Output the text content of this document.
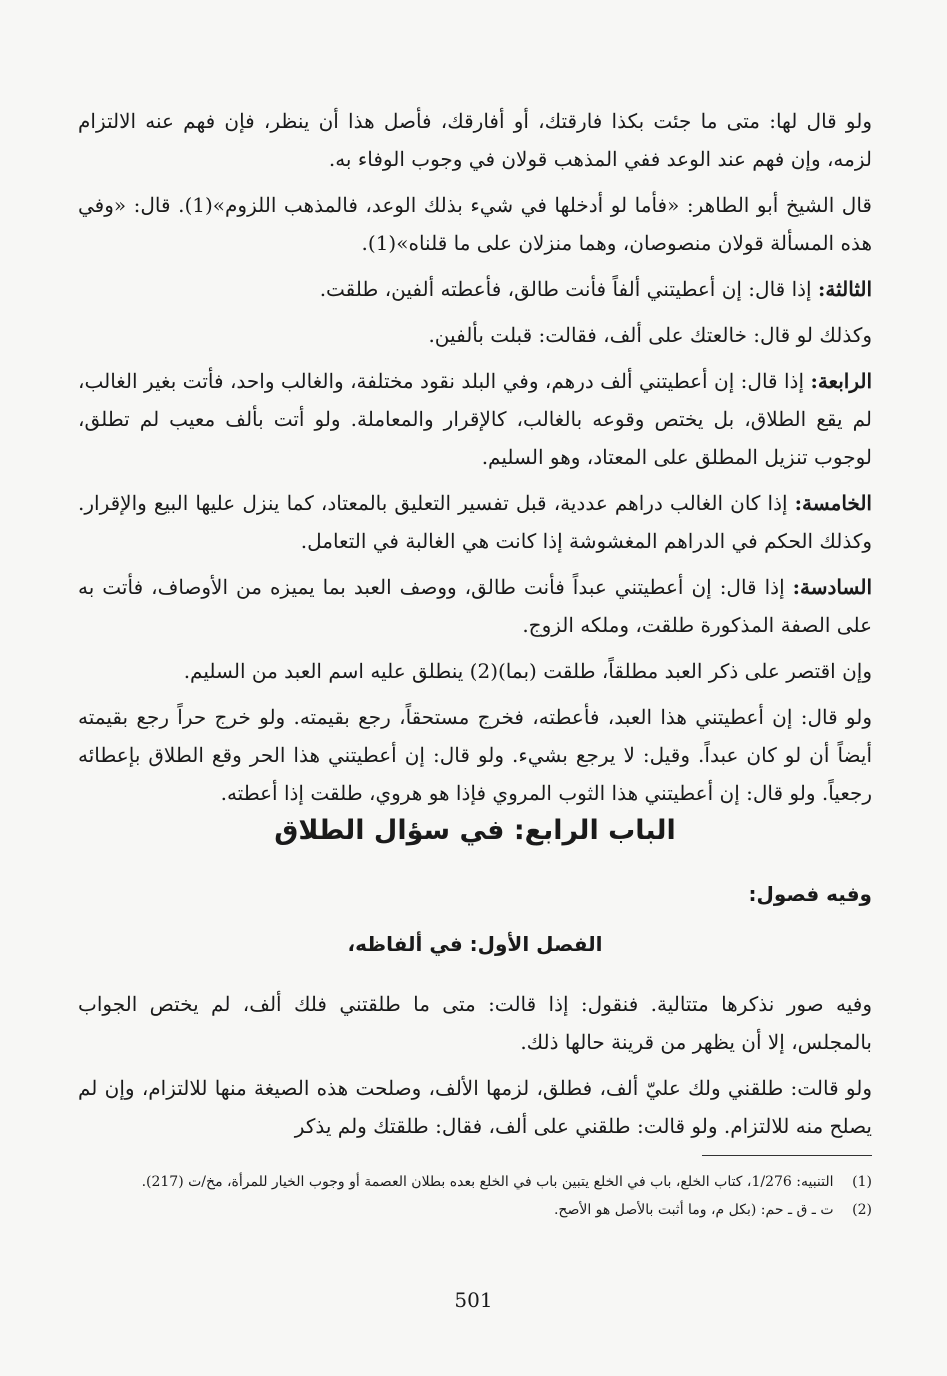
ولو قال لها: متى ما جئت بكذا فارقتك، أو أفارقك، فأصل هذا أن ينظر، فإن فهم عنه الالتزام لزمه، وإن فهم عند الوعد ففي المذهب قولان في وجوب الوفاء به.

قال الشيخ أبو الطاهر: «فأما لو أدخلها في شيء بذلك الوعد، فالمذهب اللزوم»(1). قال: «وفي هذه المسألة قولان منصوصان، وهما منزلان على ما قلناه»(1).

الثالثة: إذا قال: إن أعطيتني ألفاً فأنت طالق، فأعطته ألفين، طلقت.

وكذلك لو قال: خالعتك على ألف، فقالت: قبلت بألفين.

الرابعة: إذا قال: إن أعطيتني ألف درهم، وفي البلد نقود مختلفة، والغالب واحد، فأتت بغير الغالب، لم يقع الطلاق، بل يختص وقوعه بالغالب، كالإقرار والمعاملة. ولو أتت بألف معيب لم تطلق، لوجوب تنزيل المطلق على المعتاد، وهو السليم.

الخامسة: إذا كان الغالب دراهم عددية، قبل تفسير التعليق بالمعتاد، كما ينزل عليها البيع والإقرار. وكذلك الحكم في الدراهم المغشوشة إذا كانت هي الغالبة في التعامل.

السادسة: إذا قال: إن أعطيتني عبداً فأنت طالق، ووصف العبد بما يميزه من الأوصاف، فأتت به على الصفة المذكورة طلقت، وملكه الزوج.

وإن اقتصر على ذكر العبد مطلقاً، طلقت (بما)(2) ينطلق عليه اسم العبد من السليم.

ولو قال: إن أعطيتني هذا العبد، فأعطته، فخرج مستحقاً، رجع بقيمته. ولو خرج حراً رجع بقيمته أيضاً أن لو كان عبداً. وقيل: لا يرجع بشيء. ولو قال: إن أعطيتني هذا الحر وقع الطلاق بإعطائه رجعياً. ولو قال: إن أعطيتني هذا الثوب المروي فإذا هو هروي، طلقت إذا أعطته.

الباب الرابع: في سؤال الطلاق
وفيه فصول:
الفصل الأول: في ألفاظه،

وفيه صور نذكرها متتالية. فنقول: إذا قالت: متى ما طلقتني فلك ألف، لم يختص الجواب بالمجلس، إلا أن يظهر من قرينة حالها ذلك.

ولو قالت: طلقني ولك عليّ ألف، فطلق، لزمها الألف، وصلحت هذه الصيغة منها للالتزام، وإن لم يصلح منه للالتزام. ولو قالت: طلقني على ألف، فقال: طلقتك ولم يذكر

(1) التنبيه: 1/276، كتاب الخلع، باب في الخلع يتبين باب في الخلع بعده بطلان العصمة أو وجوب الخيار للمرأة، مخ/ت (217).

(2) ت ـ ق ـ حم: (بكل م، وما أثبت بالأصل هو الأصح.

501
